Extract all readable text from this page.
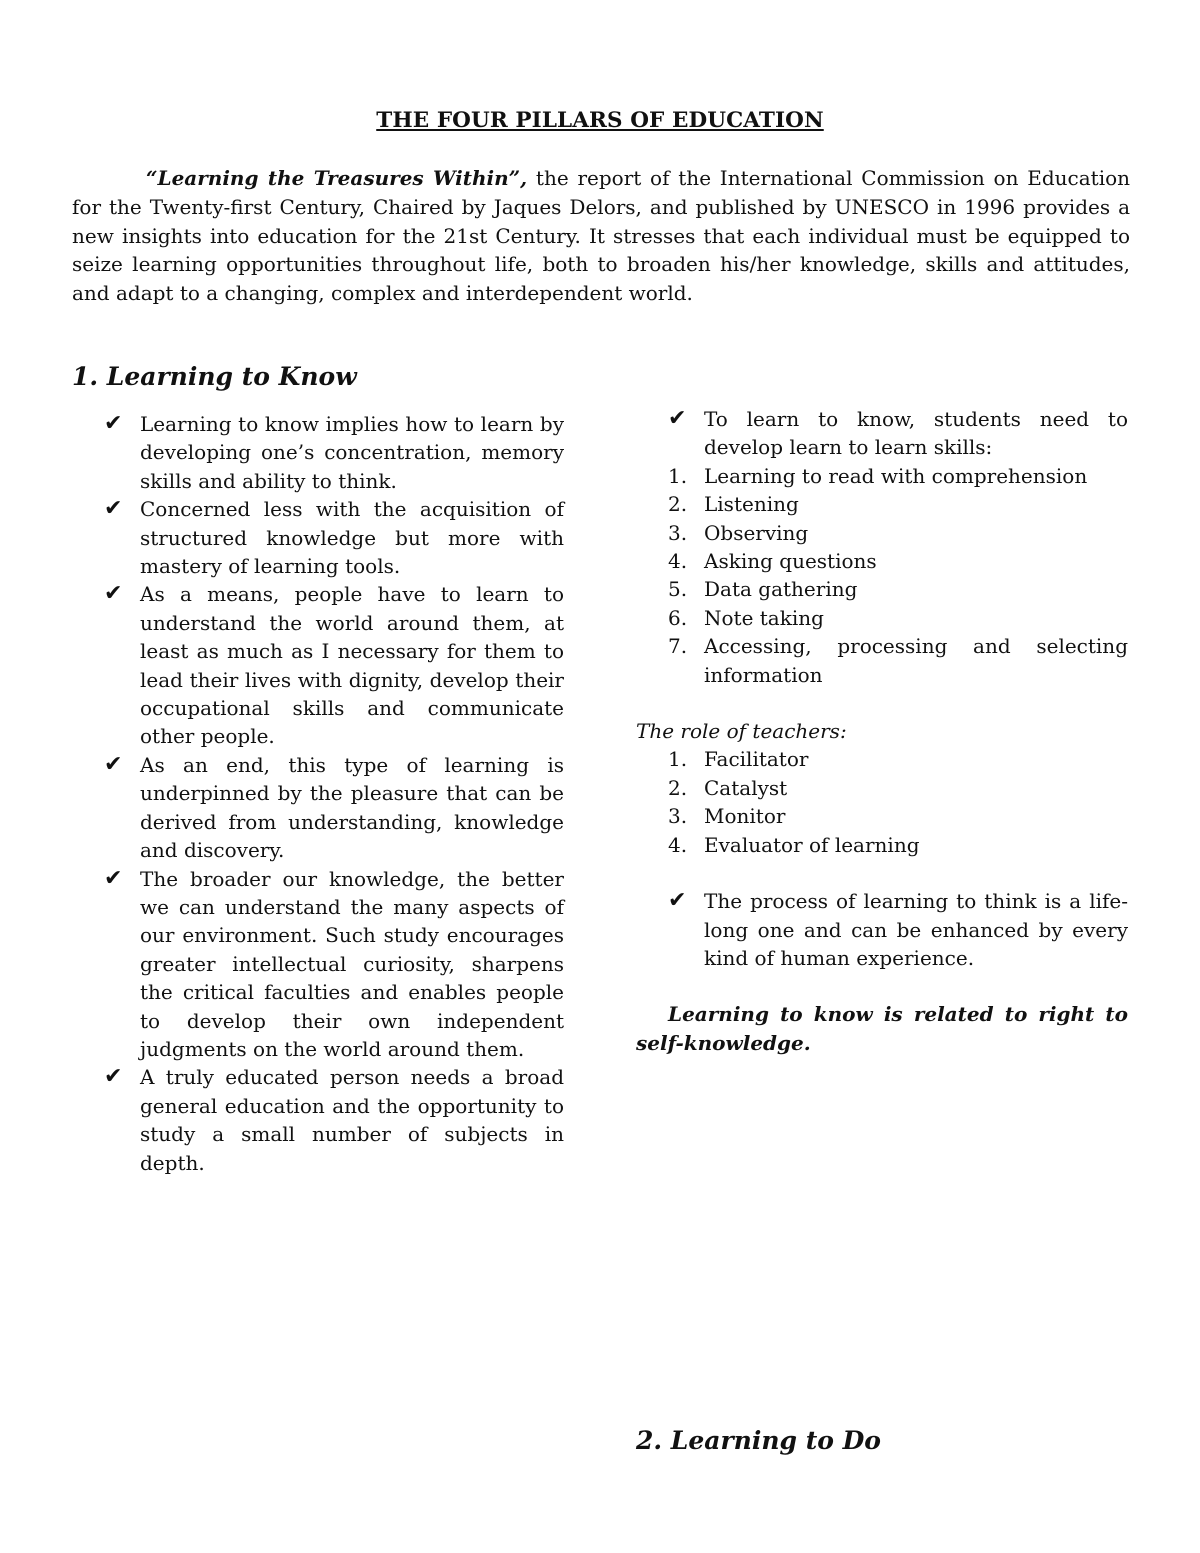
THE FOUR PILLARS OF EDUCATION

“Learning the Treasures Within”, the report of the International Commission on Education for the Twenty-first Century, Chaired by Jaques Delors, and published by UNESCO in 1996 provides a new insights into education for the 21st Century. It stresses that each individual must be equipped to seize learning opportunities throughout life, both to broaden his/her knowledge, skills and attitudes, and adapt to a changing, complex and interdependent world.

1. Learning to Know
✔ Learning to know implies how to learn by developing one’s concentration, memory skills and ability to think.
✔ Concerned less with the acquisition of structured knowledge but more with mastery of learning tools.
✔ As a means, people have to learn to understand the world around them, at least as much as I necessary for them to lead their lives with dignity, develop their occupational skills and communicate other people.
✔ As an end, this type of learning is underpinned by the pleasure that can be derived from understanding, knowledge and discovery.
✔ The broader our knowledge, the better we can understand the many aspects of our environment. Such study encourages greater intellectual curiosity, sharpens the critical faculties and enables people to develop their own independent judgments on the world around them.
✔ A truly educated person needs a broad general education and the opportunity to study a small number of subjects in depth.
✔ To learn to know, students need to develop learn to learn skills:
1. Learning to read with comprehension
2. Listening
3. Observing
4. Asking questions
5. Data gathering
6. Note taking
7. Accessing, processing and selecting information
The role of teachers:
1. Facilitator
2. Catalyst
3. Monitor
4. Evaluator of learning
✔ The process of learning to think is a life-long one and can be enhanced by every kind of human experience.
Learning to know is related to right to self-knowledge.
2. Learning to Do
